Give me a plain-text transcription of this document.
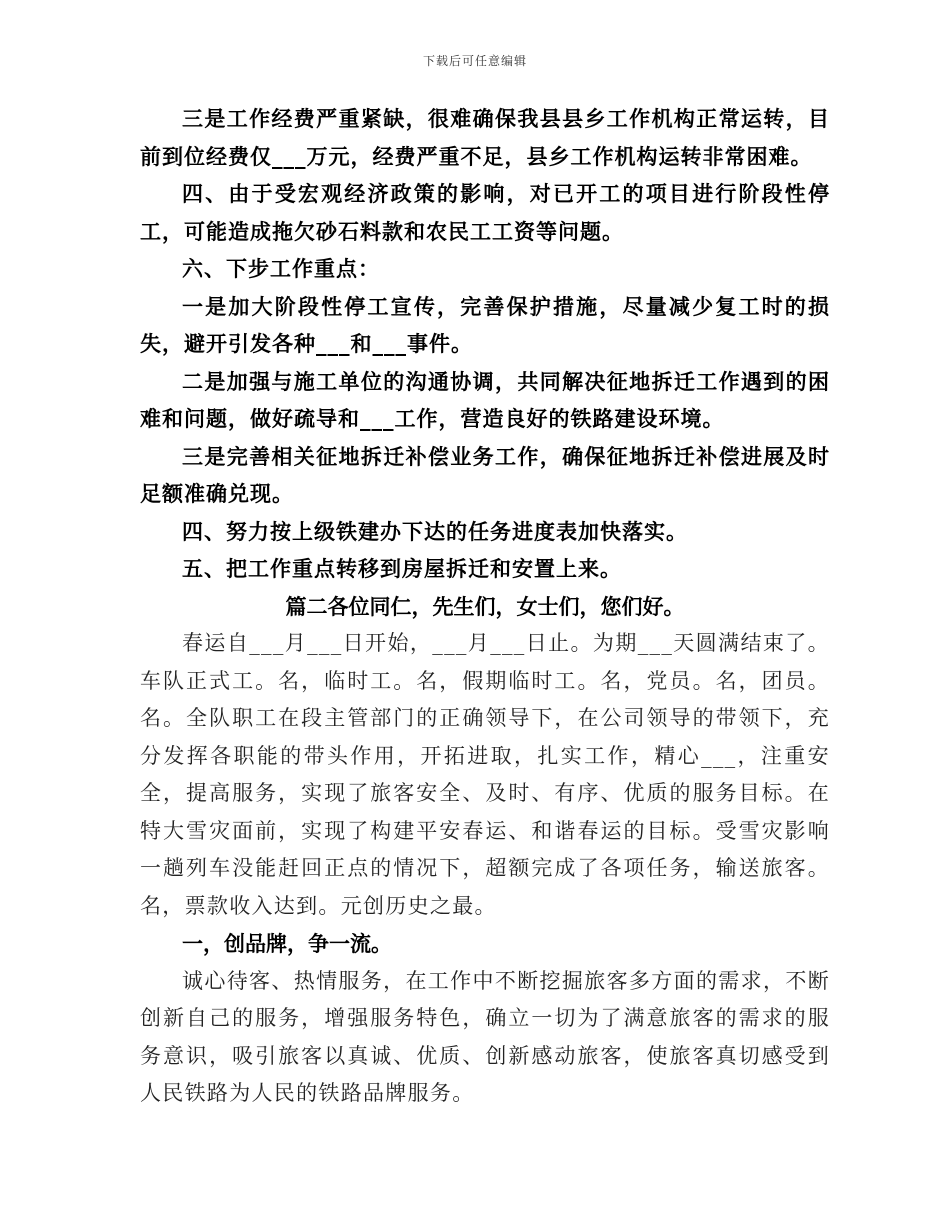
下载后可任意编辑

三是工作经费严重紧缺，很难确保我县县乡工作机构正常运转，目前到位经费仅___万元，经费严重不足，县乡工作机构运转非常困难。

四、由于受宏观经济政策的影响，对已开工的项目进行阶段性停工，可能造成拖欠砂石料款和农民工工资等问题。

六、下步工作重点：

一是加大阶段性停工宣传，完善保护措施，尽量减少复工时的损失，避开引发各种___和___事件。

二是加强与施工单位的沟通协调，共同解决征地拆迁工作遇到的困难和问题，做好疏导和___工作，营造良好的铁路建设环境。

三是完善相关征地拆迁补偿业务工作，确保征地拆迁补偿进展及时足额准确兑现。

四、努力按上级铁建办下达的任务进度表加快落实。

五、把工作重点转移到房屋拆迁和安置上来。

篇二各位同仁，先生们，女士们，您们好。

春运自___月___日开始，___月___日止。为期___天圆满结束了。车队正式工。名，临时工。名，假期临时工。名，党员。名，团员。名。全队职工在段主管部门的正确领导下，在公司领导的带领下，充分发挥各职能的带头作用，开拓进取，扎实工作，精心___，注重安全，提高服务，实现了旅客安全、及时、有序、优质的服务目标。在特大雪灾面前，实现了构建平安春运、和谐春运的目标。受雪灾影响一趟列车没能赶回正点的情况下，超额完成了各项任务，输送旅客。名，票款收入达到。元创历史之最。

一，创品牌，争一流。

诚心待客、热情服务，在工作中不断挖掘旅客多方面的需求，不断创新自己的服务，增强服务特色，确立一切为了满意旅客的需求的服务意识，吸引旅客以真诚、优质、创新感动旅客，使旅客真切感受到人民铁路为人民的铁路品牌服务。
